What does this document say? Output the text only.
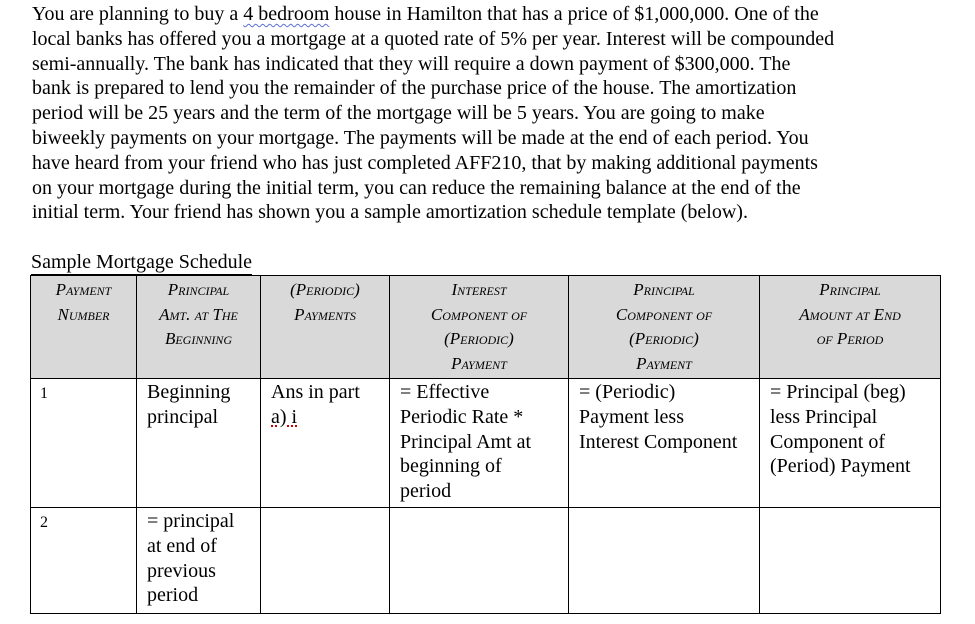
You are planning to buy a 4 bedroom house in Hamilton that has a price of $1,000,000. One of the
local banks has offered you a mortgage at a quoted rate of 5% per year. Interest will be compounded
semi-annually. The bank has indicated that they will require a down payment of $300,000. The
bank is prepared to lend you the remainder of the purchase price of the house. The amortization
period will be 25 years and the term of the mortgage will be 5 years. You are going to make
biweekly payments on your mortgage. The payments will be made at the end of each period. You
have heard from your friend who has just completed AFF210, that by making additional payments
on your mortgage during the initial term, you can reduce the remaining balance at the end of the
initial term. Your friend has shown you a sample amortization schedule template (below).

Sample Mortgage Schedule

Payment
Number	Principal
Amt. at The
Beginning	(Periodic)
Payments	Interest
Component of
(Periodic)
Payment	Principal
Component of
(Periodic)
Payment	Principal
Amount at End
of Period

1	Beginning
principal	Ans in part
a) i	= Effective
Periodic Rate *
Principal Amt at
beginning of
period	= (Periodic)
Payment less
Interest Component	= Principal (beg)
less Principal
Component of
(Period) Payment

2	= principal
at end of
previous
period				
